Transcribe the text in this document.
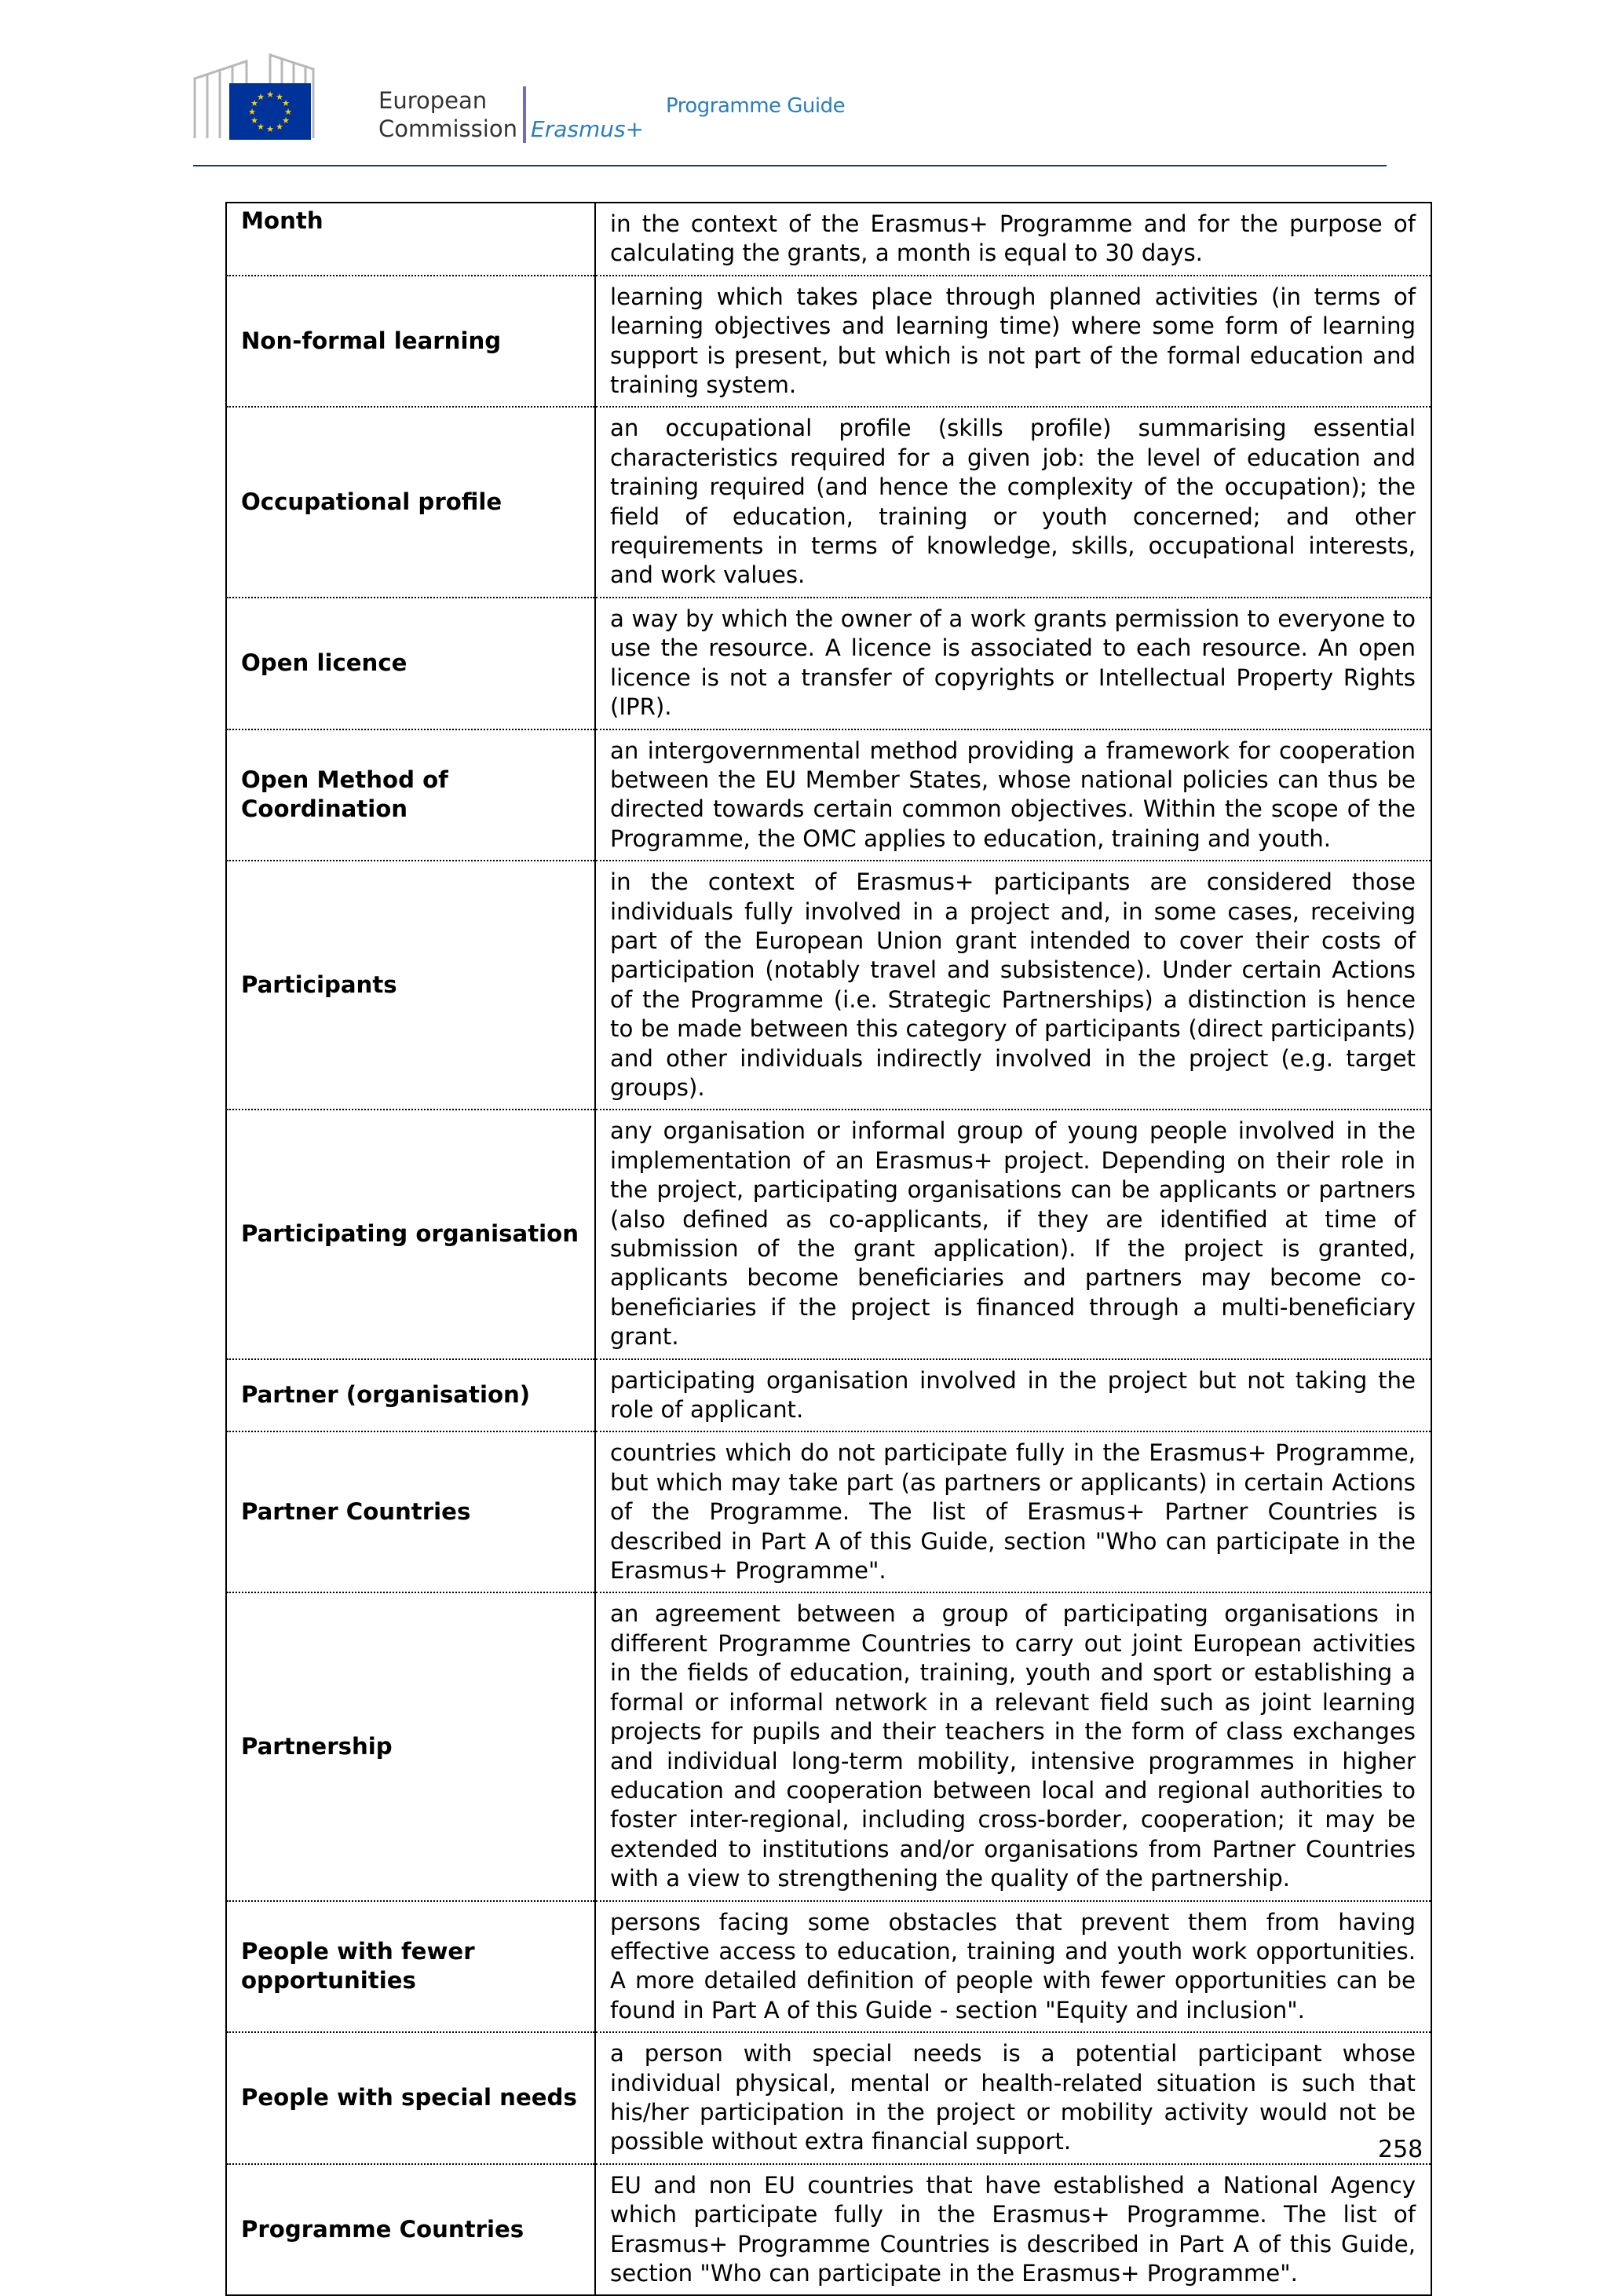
★ ★
★
★
★
★
★
★
★
★
★
★	European
Commission Erasmus+
Programme Guide
Month	in the context of the Erasmus+ Programme and for the purpose of calculating the grants, a month is equal to 30 days.
Non-formal learning	learning which takes place through planned activities (in terms of learning objectives and learning time) where some form of learning support is present, but which is not part of the formal education and training system.
Occupational profile	an occupational profile (skills profile) summarising essential characteristics required for a given job: the level of education and training required (and hence the complexity of the occupation); the field of education, training or youth concerned; and other requirements in terms of knowledge, skills, occupational interests, and work values.
Open licence	a way by which the owner of a work grants permission to everyone to use the resource. A licence is associated to each resource. An open licence is not a transfer of copyrights or Intellectual Property Rights (IPR).
Open Method of Coordination	an intergovernmental method providing a framework for cooperation between the EU Member States, whose national policies can thus be directed towards certain common objectives. Within the scope of the Programme, the OMC applies to education, training and youth.
Participants	in the context of Erasmus+ participants are considered those individuals fully involved in a project and, in some cases, receiving part of the European Union grant intended to cover their costs of participation (notably travel and subsistence). Under certain Actions of the Programme (i.e. Strategic Partnerships) a distinction is hence to be made between this category of participants (direct participants) and other individuals indirectly involved in the project (e.g. target groups).
Participating organisation	any organisation or informal group of young people involved in the implementation of an Erasmus+ project. Depending on their role in the project, participating organisations can be applicants or partners (also defined as co-applicants, if they are identified at time of submission of the grant application). If the project is granted, applicants become beneficiaries and partners may become co-beneficiaries if the project is financed through a multi-beneficiary grant.
Partner (organisation)	participating organisation involved in the project but not taking the role of applicant.
Partner Countries	countries which do not participate fully in the Erasmus+ Programme, but which may take part (as partners or applicants) in certain Actions of the Programme. The list of Erasmus+ Partner Countries is described in Part A of this Guide, section "Who can participate in the Erasmus+ Programme".
Partnership	an agreement between a group of participating organisations in different Programme Countries to carry out joint European activities in the fields of education, training, youth and sport or establishing a formal or informal network in a relevant field such as joint learning projects for pupils and their teachers in the form of class exchanges and individual long-term mobility, intensive programmes in higher education and cooperation between local and regional authorities to foster inter-regional, including cross-border, cooperation; it may be extended to institutions and/or organisations from Partner Countries with a view to strengthening the quality of the partnership.
People with fewer opportunities	persons facing some obstacles that prevent them from having effective access to education, training and youth work opportunities. A more detailed definition of people with fewer opportunities can be found in Part A of this Guide - section "Equity and inclusion".
People with special needs	a person with special needs is a potential participant whose individual physical, mental or health-related situation is such that his/her participation in the project or mobility activity would not be possible without extra financial support.
Programme Countries	EU and non EU countries that have established a National Agency which participate fully in the Erasmus+ Programme. The list of Erasmus+ Programme Countries is described in Part A of this Guide, section "Who can participate in the Erasmus+ Programme".
258
